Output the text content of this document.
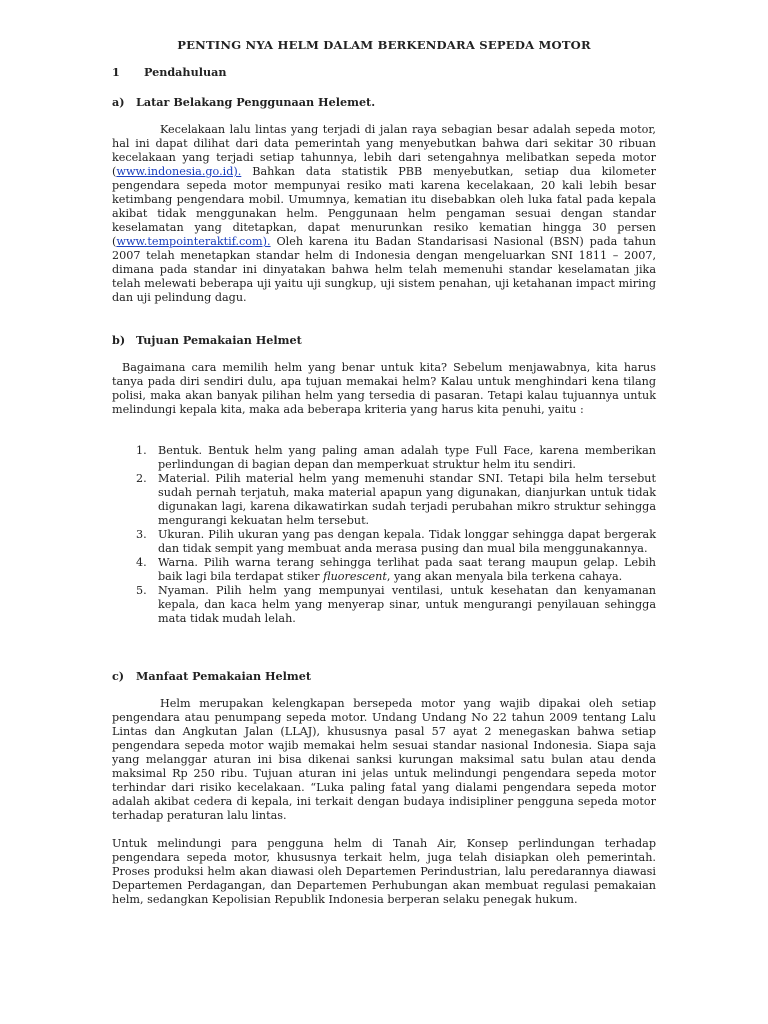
PENTING NYA HELM DALAM BERKENDARA SEPEDA MOTOR
1 Pendahuluan
a) Latar Belakang Penggunaan Helemet.

Kecelakaan lalu lintas yang terjadi di jalan raya sebagian besar adalah sepeda motor, hal ini dapat dilihat dari data pemerintah yang menyebutkan bahwa dari sekitar 30 ribuan kecelakaan yang terjadi setiap tahunnya, lebih dari setengahnya melibatkan sepeda motor (www.indonesia.go.id). Bahkan data statistik PBB menyebutkan, setiap dua kilometer pengendara sepeda motor mempunyai resiko mati karena kecelakaan, 20 kali lebih besar ketimbang pengendara mobil. Umumnya, kematian itu disebabkan oleh luka fatal pada kepala akibat tidak menggunakan helm. Penggunaan helm pengaman sesuai dengan standar keselamatan yang ditetapkan, dapat menurunkan resiko kematian hingga 30 persen (www.tempointeraktif.com). Oleh karena itu Badan Standarisasi Nasional (BSN) pada tahun 2007 telah menetapkan standar helm di Indonesia dengan mengeluarkan SNI 1811 – 2007, dimana pada standar ini dinyatakan bahwa helm telah memenuhi standar keselamatan jika telah melewati beberapa uji yaitu uji sungkup, uji sistem penahan, uji ketahanan impact miring dan uji pelindung dagu.

b) Tujuan Pemakaian Helmet

Bagaimana cara memilih helm yang benar untuk kita? Sebelum menjawabnya, kita harus tanya pada diri sendiri dulu, apa tujuan memakai helm? Kalau untuk menghindari kena tilang polisi, maka akan banyak pilihan helm yang tersedia di pasaran. Tetapi kalau tujuannya untuk melindungi kepala kita, maka ada beberapa kriteria yang harus kita penuhi, yaitu :

1. Bentuk. Bentuk helm yang paling aman adalah type Full Face, karena memberikan perlindungan di bagian depan dan memperkuat struktur helm itu sendiri.
2. Material. Pilih material helm yang memenuhi standar SNI. Tetapi bila helm tersebut sudah pernah terjatuh, maka material apapun yang digunakan, dianjurkan untuk tidak digunakan lagi, karena dikawatirkan sudah terjadi perubahan mikro struktur sehingga mengurangi kekuatan helm tersebut.
3. Ukuran. Pilih ukuran yang pas dengan kepala. Tidak longgar sehingga dapat bergerak dan tidak sempit yang membuat anda merasa pusing dan mual bila menggunakannya.
4. Warna. Pilih warna terang sehingga terlihat pada saat terang maupun gelap. Lebih baik lagi bila terdapat stiker fluorescent, yang akan menyala bila terkena cahaya.
5. Nyaman. Pilih helm yang mempunyai ventilasi, untuk kesehatan dan kenyamanan kepala, dan kaca helm yang menyerap sinar, untuk mengurangi penyilauan sehingga mata tidak mudah lelah.
c) Manfaat Pemakaian Helmet

Helm merupakan kelengkapan bersepeda motor yang wajib dipakai oleh setiap pengendara atau penumpang sepeda motor. Undang Undang No 22 tahun 2009 tentang Lalu Lintas dan Angkutan Jalan (LLAJ), khususnya pasal 57 ayat 2 menegaskan bahwa setiap pengendara sepeda motor wajib memakai helm sesuai standar nasional Indonesia. Siapa saja yang melanggar aturan ini bisa dikenai sanksi kurungan maksimal satu bulan atau denda maksimal Rp 250 ribu. Tujuan aturan ini jelas untuk melindungi pengendara sepeda motor terhindar dari risiko kecelakaan. “Luka paling fatal yang dialami pengendara sepeda motor adalah akibat cedera di kepala, ini terkait dengan budaya indisipliner pengguna sepeda motor terhadap peraturan lalu lintas.

Untuk melindungi para pengguna helm di Tanah Air, Konsep perlindungan terhadap pengendara sepeda motor, khususnya terkait helm, juga telah disiapkan oleh pemerintah. Proses produksi helm akan diawasi oleh Departemen Perindustrian, lalu peredarannya diawasi Departemen Perdagangan, dan Departemen Perhubungan akan membuat regulasi pemakaian helm, sedangkan Kepolisian Republik Indonesia berperan selaku penegak hukum.
